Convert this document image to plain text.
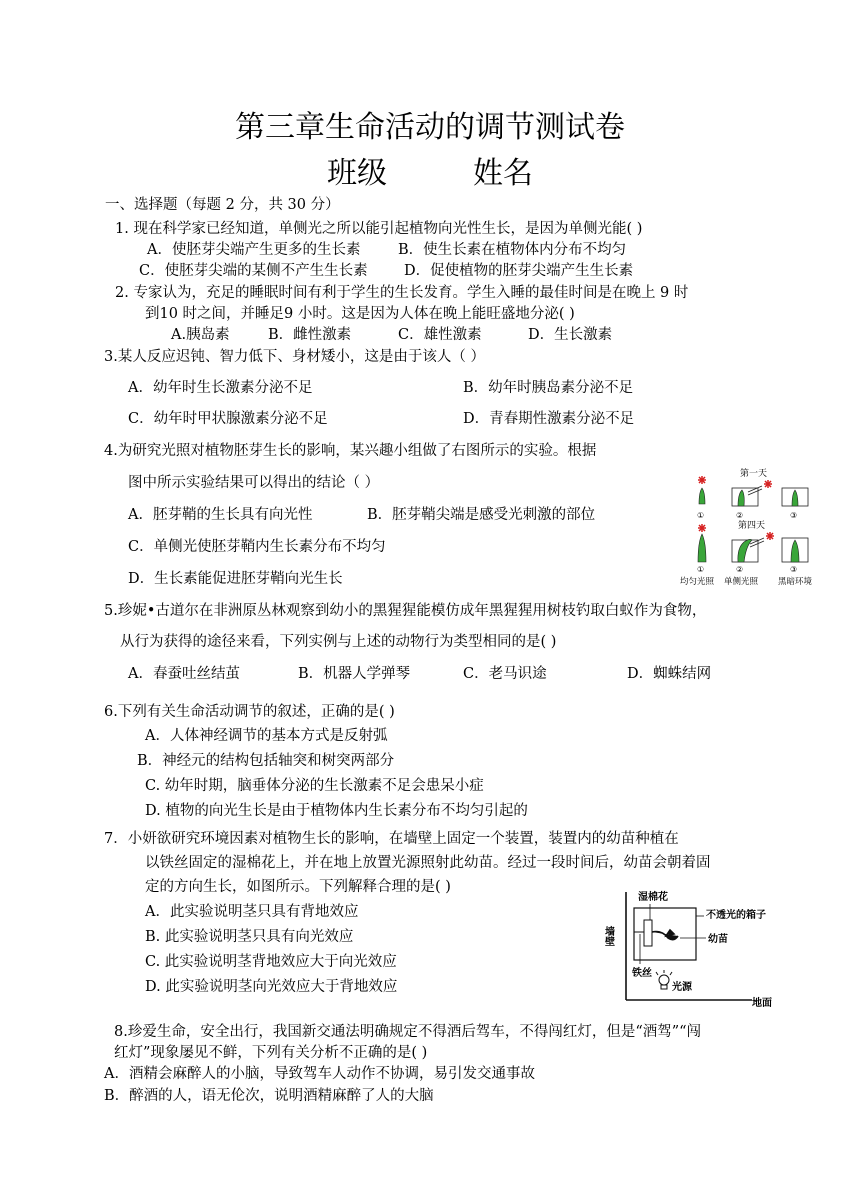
第三章生命活动的调节测试卷
班级	姓名
一、选择题（每题 2 分，共 30 分）
1. 现在科学家已经知道，单侧光之所以能引起植物向光性生长，是因为单侧光能( )
A．使胚芽尖端产生更多的生长素	B．使生长素在植物体内分布不均匀
C．使胚芽尖端的某侧不产生生长素	D．促使植物的胚芽尖端产生生长素
2. 专家认为，充足的睡眠时间有利于学生的生长发育。学生入睡的最佳时间是在晚上 9 时
到10 时之间，并睡足9 小时。这是因为人体在晚上能旺盛地分泌( )
A.胰岛素	B．雌性激素	C．雄性激素	D．生长激素
3.某人反应迟钝、智力低下、身材矮小，这是由于该人（ ）
A．幼年时生长激素分泌不足	B．幼年时胰岛素分泌不足
C．幼年时甲状腺激素分泌不足	D．青春期性激素分泌不足
4.为研究光照对植物胚芽生长的影响，某兴趣小组做了右图所示的实验。根据
图中所示实验结果可以得出的结论（ ）
A．胚芽鞘的生长具有向光性	B．胚芽鞘尖端是感受光刺激的部位
C．单侧光使胚芽鞘内生长素分布不均匀
D．生长素能促进胚芽鞘向光生长
第一天
①	②	③
第四天
①	②	③
均匀光照 单侧光照 黑暗环境
5.珍妮•古道尔在非洲原丛林观察到幼小的黑猩猩能模仿成年黑猩猩用树枝钓取白蚁作为食物，
从行为获得的途径来看，下列实例与上述的动物行为类型相同的是( )
A．春蚕吐丝结茧	B．机器人学弹琴	C．老马识途	D．蜘蛛结网
6.下列有关生命活动调节的叙述，正确的是( )
A．人体神经调节的基本方式是反射弧
B．神经元的结构包括轴突和树突两部分
C. 幼年时期，脑垂体分泌的生长激素不足会患呆小症
D. 植物的向光生长是由于植物体内生长素分布不均匀引起的
7．小妍欲研究环境因素对植物生长的影响，在墙壁上固定一个装置，装置内的幼苗种植在
以铁丝固定的湿棉花上，并在地上放置光源照射此幼苗。经过一段时间后，幼苗会朝着固
定的方向生长，如图所示。下列解释合理的是( )
A．此实验说明茎只具有背地效应
B. 此实验说明茎只具有向光效应
C. 此实验说明茎背地效应大于向光效应
D. 此实验说明茎向光效应大于背地效应
墙壁
湿棉花
不透光的箱子
幼苗
铁丝
光源
地面
8.珍爱生命，安全出行，我国新交通法明确规定不得酒后驾车，不得闯红灯，但是“酒驾”“闯
红灯”现象屡见不鲜，下列有关分析不正确的是( )
A．酒精会麻醉人的小脑，导致驾车人动作不协调，易引发交通事故
B．醉酒的人，语无伦次，说明酒精麻醉了人的大脑
